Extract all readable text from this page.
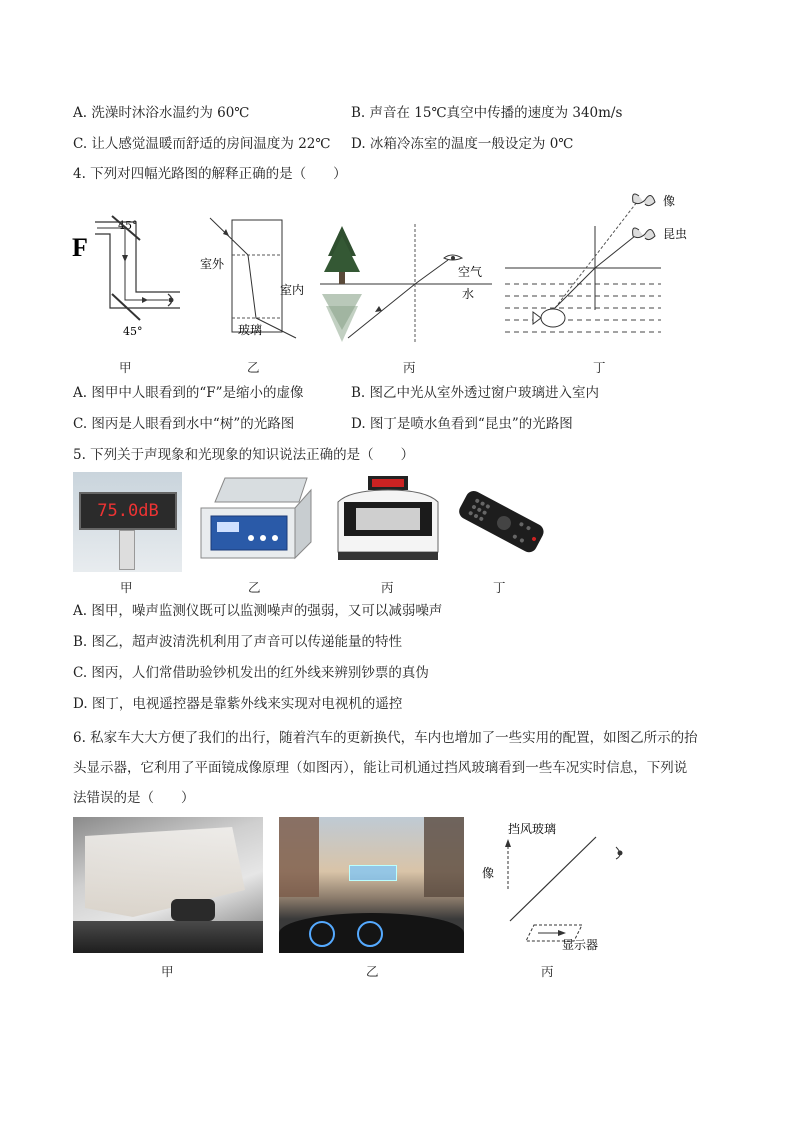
A. 洗澡时沐浴水温约为 60℃	B. 声音在 15℃真空中传播的速度为 340m/s
C. 让人感觉温暖而舒适的房间温度为 22℃ D. 冰箱冷冻室的温度一般设定为 0℃
4. 下列对四幅光路图的解释正确的是（　　）
F
45°
45°
甲
室外
室内
玻璃
乙
空气
水
丙
像
昆虫
丁
A. 图甲中人眼看到的“F”是缩小的虚像	B. 图乙中光从室外透过窗户玻璃进入室内
C. 图丙是人眼看到水中“树”的光路图	D. 图丁是喷水鱼看到“昆虫”的光路图
5. 下列关于声现象和光现象的知识说法正确的是（　　）
75.0dB
甲	乙	丙	丁
A. 图甲，噪声监测仪既可以监测噪声的强弱，又可以减弱噪声
B. 图乙，超声波清洗机利用了声音可以传递能量的特性
C. 图丙，人们常借助验钞机发出的红外线来辨别钞票的真伪
D. 图丁，电视遥控器是靠紫外线来实现对电视机的遥控
6. 私家车大大方便了我们的出行，随着汽车的更新换代，车内也增加了一些实用的配置，如图乙所示的抬
头显示器，它利用了平面镜成像原理（如图丙），能让司机通过挡风玻璃看到一些车况实时信息，下列说
法错误的是（　　）
甲	乙
挡风玻璃
像
显示器
丙
